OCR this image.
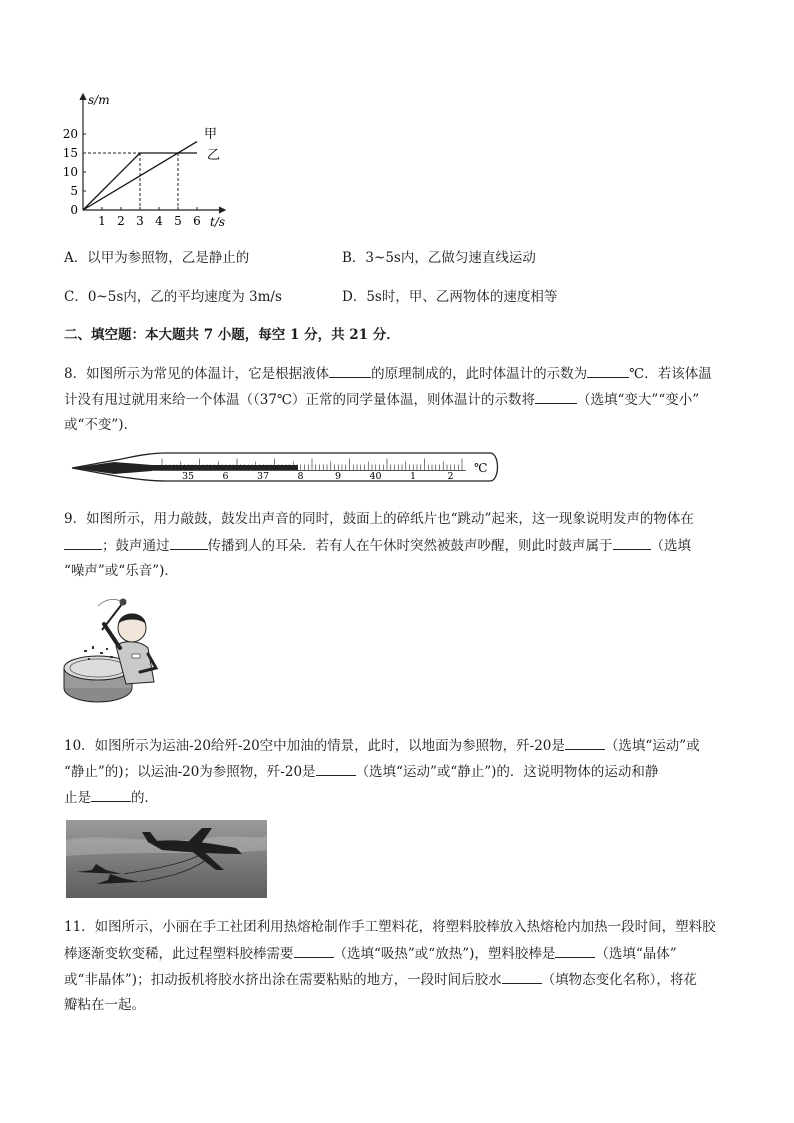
s/m
t/s
20
15
10
5
0
1 2 3 4 5 6
甲
乙
A．以甲为参照物，乙是静止的	B．3~5s内，乙做匀速直线运动
C．0~5s内，乙的平均速度为 3m/s	D．5s时，甲、乙两物体的速度相等
二、填空题：本大题共 7 小题，每空 1 分，共 21 分．
8．如图所示为常见的体温计，它是根据液体	的原理制成的，此时体温计的示数为	℃．若该体温
计没有甩过就用来给一个体温（（37℃）正常的同学量体温，则体温计的示数将	（选填“变大”“变小”
或“不变”)．
35	6	37	8	9	40	1	2
℃
9．如图所示，用力敲鼓，鼓发出声音的同时，鼓面上的碎纸片也“跳动”起来，这一现象说明发声的物体在
；鼓声通过	传播到人的耳朵．若有人在午休时突然被鼓声吵醒，则此时鼓声属于	（选填
“噪声”或“乐音”)．
10．如图所示为运油-20给歼-20空中加油的情景，此时，以地面为参照物，歼-20是	（选填“运动”或
“静止”的)；以运油-20为参照物，歼-20是	（选填“运动”或“静止”)的．这说明物体的运动和静
止是	的．
11．如图所示，小丽在手工社团利用热熔枪制作手工塑料花，将塑料胶棒放入热熔枪内加热一段时间，塑料胶
棒逐渐变软变稀，此过程塑料胶棒需要	（选填“吸热”或“放热”)，塑料胶棒是	（选填“晶体”
或“非晶体”)；扣动扳机将胶水挤出涂在需要粘贴的地方，一段时间后胶水	（填物态变化名称），将花
瓣粘在一起。
